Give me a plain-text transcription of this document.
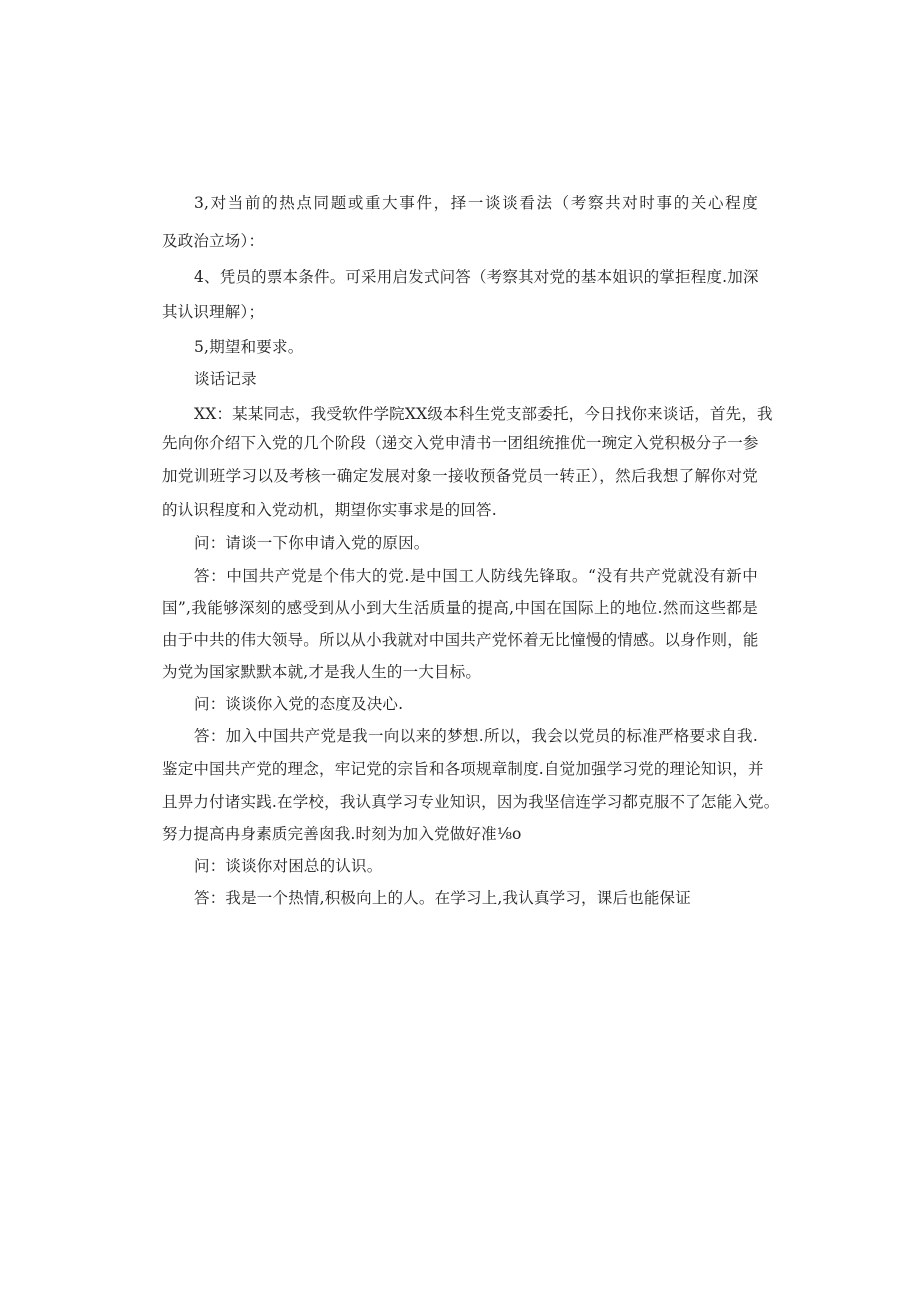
3,对当前的热点同题或重大事件，择一谈谈看法（考察共对时事的关心程度
及政治立场）：
4、凭员的票本条件。可采用启发式问答（考察其对党的基本姐识的掌拒程度.加深
其认识理解）；
5,期望和要求。
谈话记录
XX：某某同志，我受软件学院XX级本科生党支部委托，今日找你来谈话，首先，我
先向你介绍下入党的几个阶段（递交入党申清书一团组统推优一琬定入党积极分子一参
加党训班学习以及考核一确定发展对象一接收预备党员一转正），然后我想了解你对党
的认识程度和入党动机，期望你实事求是的回答.
问：请谈一下你申请入党的原因。
答：中国共产党是个伟大的党.是中国工人防线先锋取。“没有共产党就没有新中
国”,我能够深刻的感受到从小到大生活质量的提高,中国在国际上的地位.然而这些都是
由于中共的伟大领导。所以从小我就对中国共产党怀着无比憧慢的情感。以身作则，能
为党为国家默默本就,才是我人生的一大目标。
问：谈谈你入党的态度及决心.
答：加入中国共产党是我一向以来的梦想.所以，我会以党员的标准严格要求自我.
鉴定中国共产党的理念，牢记党的宗旨和各项规章制度.自觉加强学习党的理论知识，并
且畀力付诸实践.在学校，我认真学习专业知识，因为我坚信连学习都克服不了怎能入党。
努力提高冉身素质完善囱我.时刻为加入党做好准⅛o
问：谈谈你对困总的认识。
答：我是一个热情,积极向上的人。在学习上,我认真学习，课后也能保证
